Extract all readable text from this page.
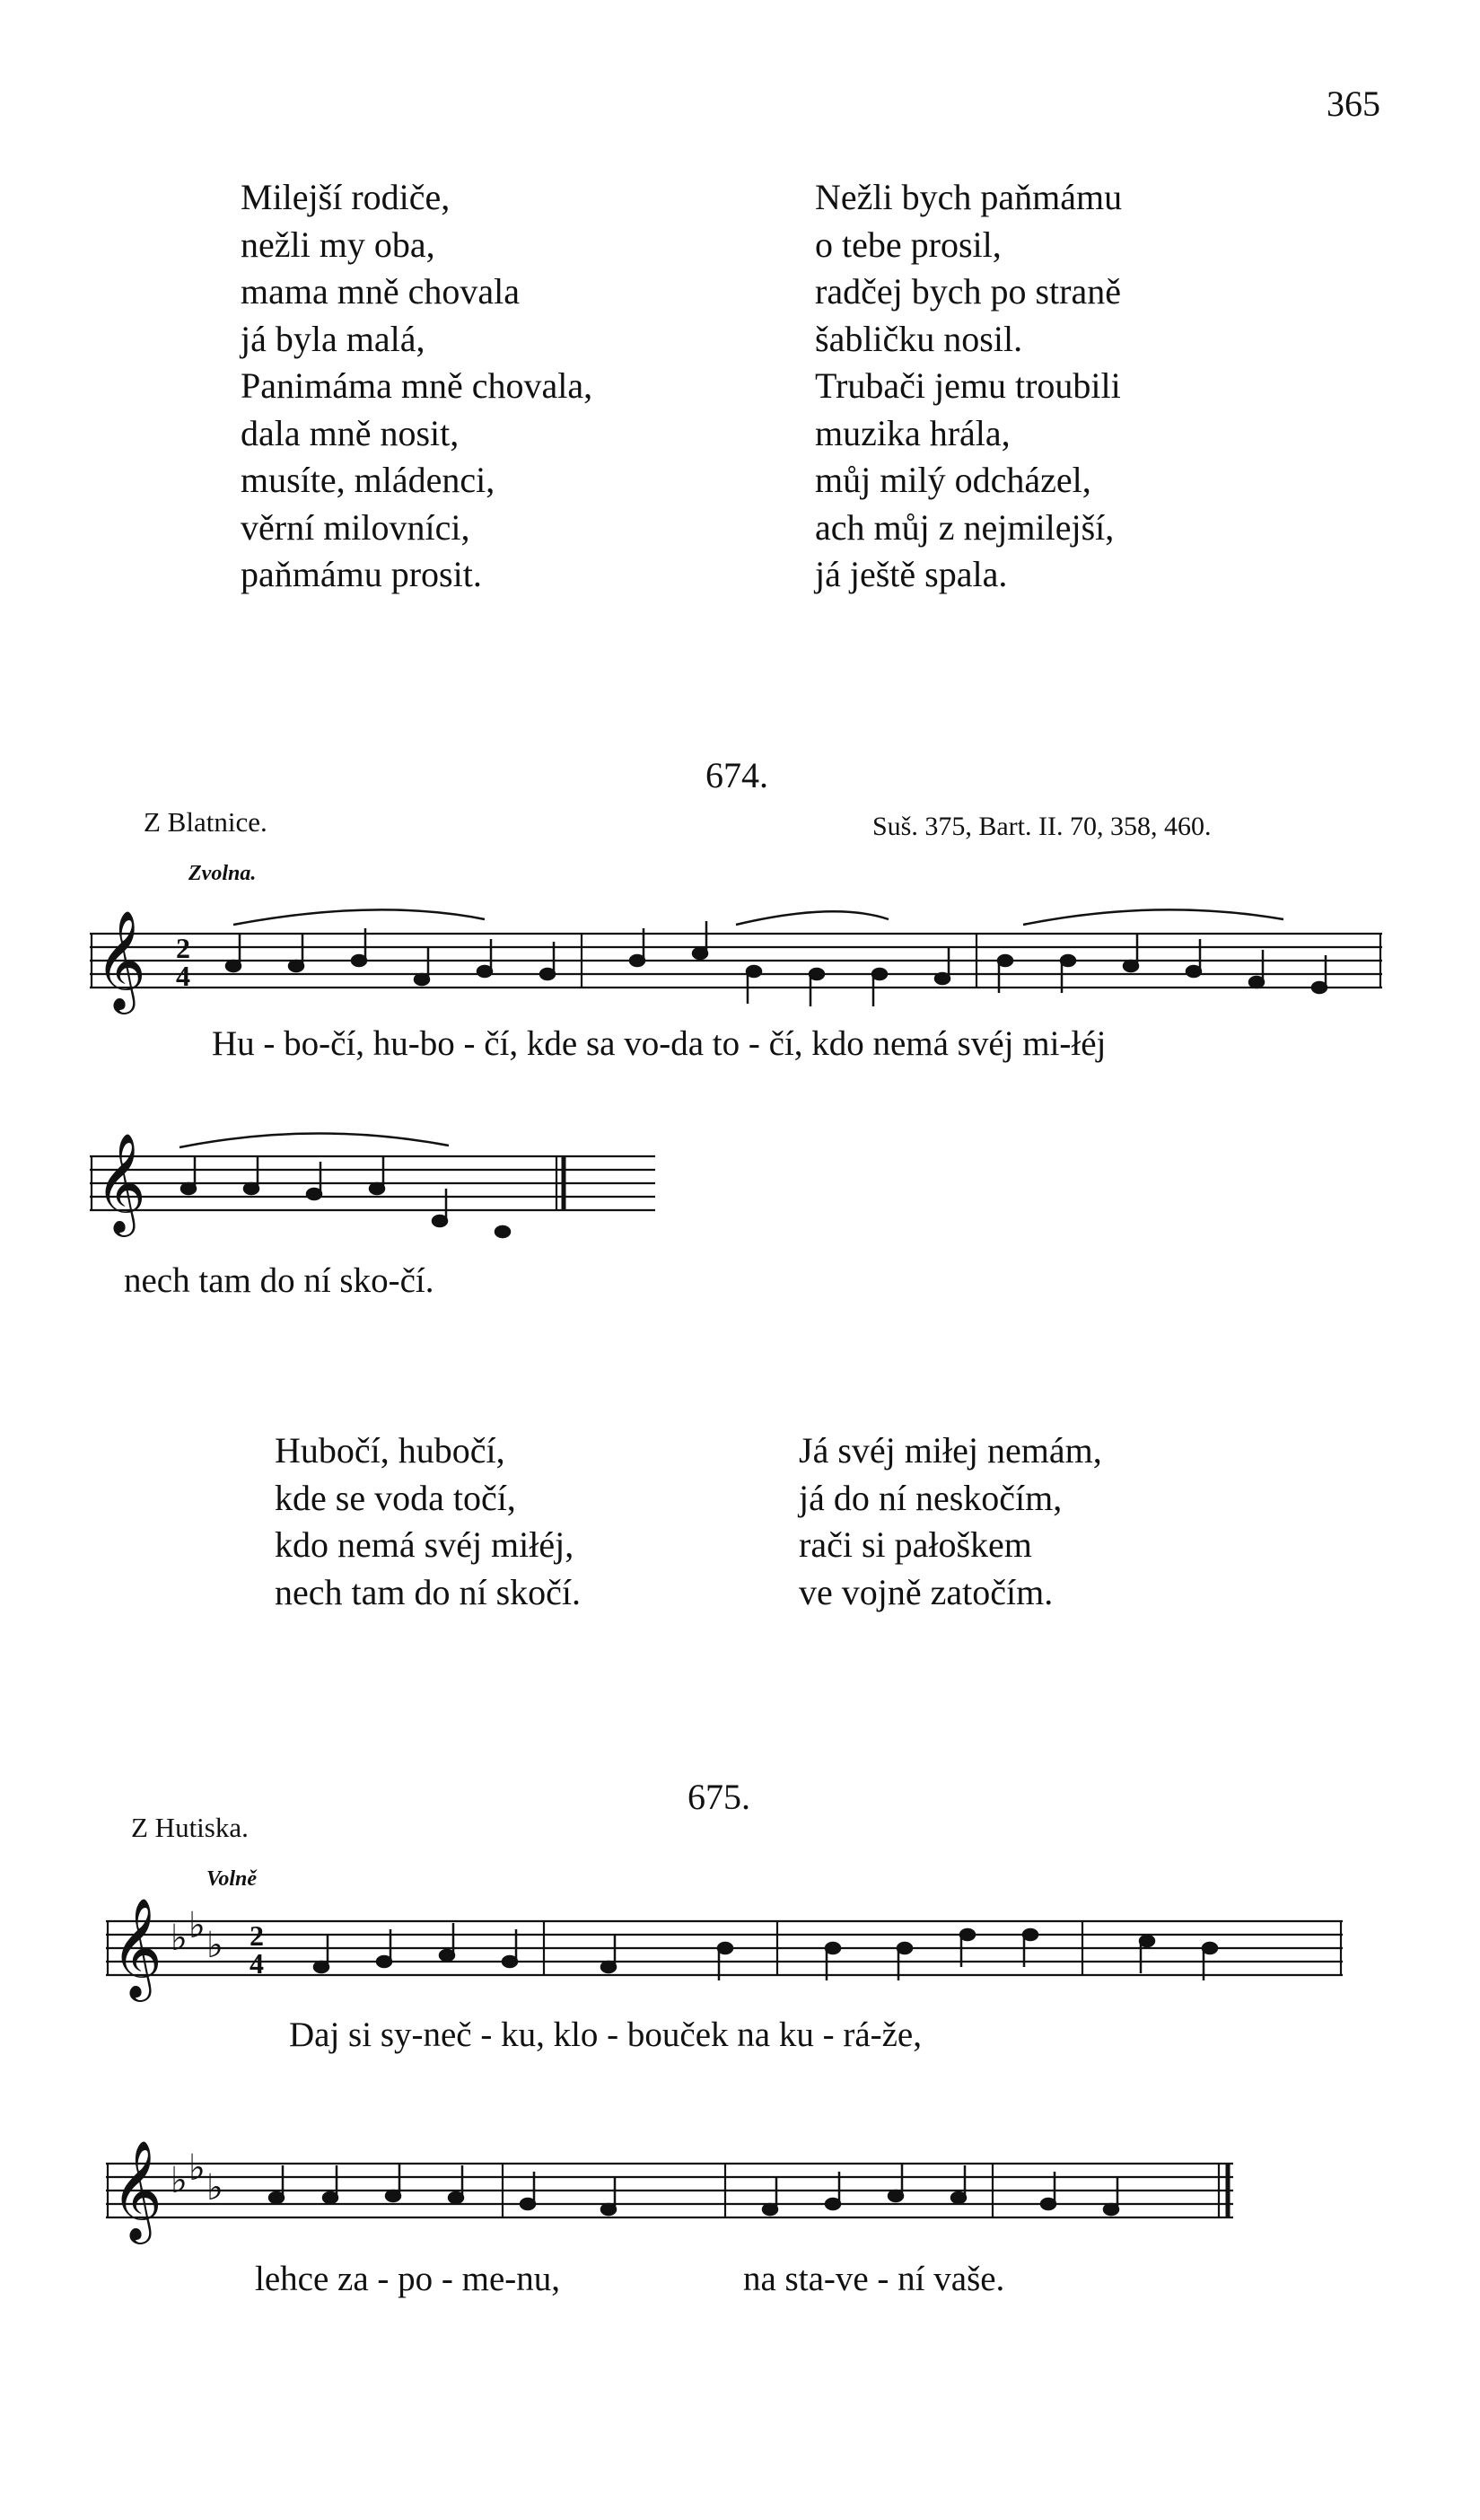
365
Milejší rodiče,
nežli my oba,
mama mně chovala
já byla malá,
Panimáma mně chovala,
dala mně nosit,
musíte, mládenci,
věrní milovníci,
paňmámu prosit.
Nežli bych paňmámu
o tebe prosil,
radčej bych po straně
šabličku nosil.
Trubači jemu troubili
muzika hrála,
můj milý odcházel,
ach můj z nejmilejší,
já ještě spala.
674.
Z Blatnice.	Suš. 375, Bart. II. 70, 358, 460.
Zvolna.
𝄞 2
4
Hu - bo-čí, hu-bo - čí, kde sa vo-da to - čí, kdo nemá svéj mi-łéj
𝄞
nech tam do ní sko-čí.
Hubočí, hubočí,
kde se voda točí,
kdo nemá svéj miłéj,
nech tam do ní skočí.
Já svéj miłej nemám,
já do ní neskočím,
rači si pałoškem
ve vojně zatočím.
675.
Z Hutiska.
Volně
𝄞 ♭ ♭ ♭ 2
4
Daj si sy-neč - ku, klo - bouček na ku - rá-že,
𝄞 ♭ ♭ ♭
lehce za - po - me-nu,	na sta-ve - ní vaše.
